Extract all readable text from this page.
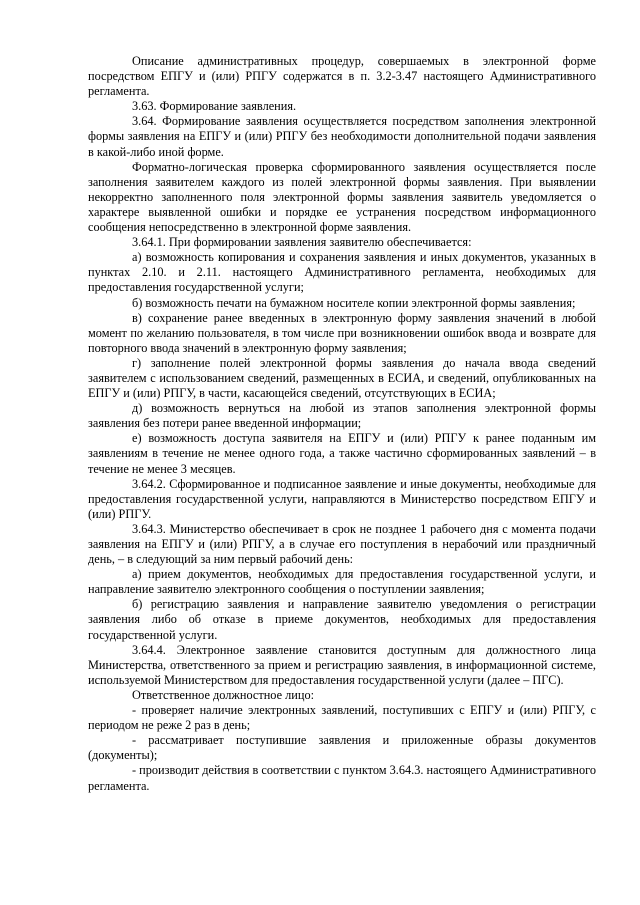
Описание административных процедур, совершаемых в электронной форме посредством ЕПГУ и (или) РПГУ содержатся в п. 3.2-3.47 настоящего Административного регламента.

3.63. Формирование заявления.

3.64. Формирование заявления осуществляется посредством заполнения электронной формы заявления на ЕПГУ и (или) РПГУ без необходимости дополнительной подачи заявления в какой-либо иной форме.

Форматно-логическая проверка сформированного заявления осуществляется после заполнения заявителем каждого из полей электронной формы заявления. При выявлении некорректно заполненного поля электронной формы заявления заявитель уведомляется о характере выявленной ошибки и порядке ее устранения посредством информационного сообщения непосредственно в электронной форме заявления.

3.64.1. При формировании заявления заявителю обеспечивается:

а) возможность копирования и сохранения заявления и иных документов, указанных в пунктах 2.10. и 2.11. настоящего Административного регламента, необходимых для предоставления государственной услуги;

б) возможность печати на бумажном носителе копии электронной формы заявления;

в) сохранение ранее введенных в электронную форму заявления значений в любой момент по желанию пользователя, в том числе при возникновении ошибок ввода и возврате для повторного ввода значений в электронную форму заявления;

г) заполнение полей электронной формы заявления до начала ввода сведений заявителем с использованием сведений, размещенных в ЕСИА, и сведений, опубликованных на ЕПГУ и (или) РПГУ, в части, касающейся сведений, отсутствующих в ЕСИА;

д) возможность вернуться на любой из этапов заполнения электронной формы заявления без потери ранее введенной информации;

е) возможность доступа заявителя на ЕПГУ и (или) РПГУ к ранее поданным им заявлениям в течение не менее одного года, а также частично сформированных заявлений – в течение не менее 3 месяцев.

3.64.2. Сформированное и подписанное заявление и иные документы, необходимые для предоставления государственной услуги, направляются в Министерство посредством ЕПГУ и (или) РПГУ.

3.64.3. Министерство обеспечивает в срок не позднее 1 рабочего дня с момента подачи заявления на ЕПГУ и (или) РПГУ, а в случае его поступления в нерабочий или праздничный день, – в следующий за ним первый рабочий день:

а) прием документов, необходимых для предоставления государственной услуги, и направление заявителю электронного сообщения о поступлении заявления;

б) регистрацию заявления и направление заявителю уведомления о регистрации заявления либо об отказе в приеме документов, необходимых для предоставления государственной услуги.

3.64.4. Электронное заявление становится доступным для должностного лица Министерства, ответственного за прием и регистрацию заявления, в информационной системе, используемой Министерством для предоставления государственной услуги (далее – ПГС).

Ответственное должностное лицо:

- проверяет наличие электронных заявлений, поступивших с ЕПГУ и (или) РПГУ, с периодом не реже 2 раз в день;

- рассматривает поступившие заявления и приложенные образы документов (документы);

- производит действия в соответствии с пунктом 3.64.3. настоящего Административного регламента.
